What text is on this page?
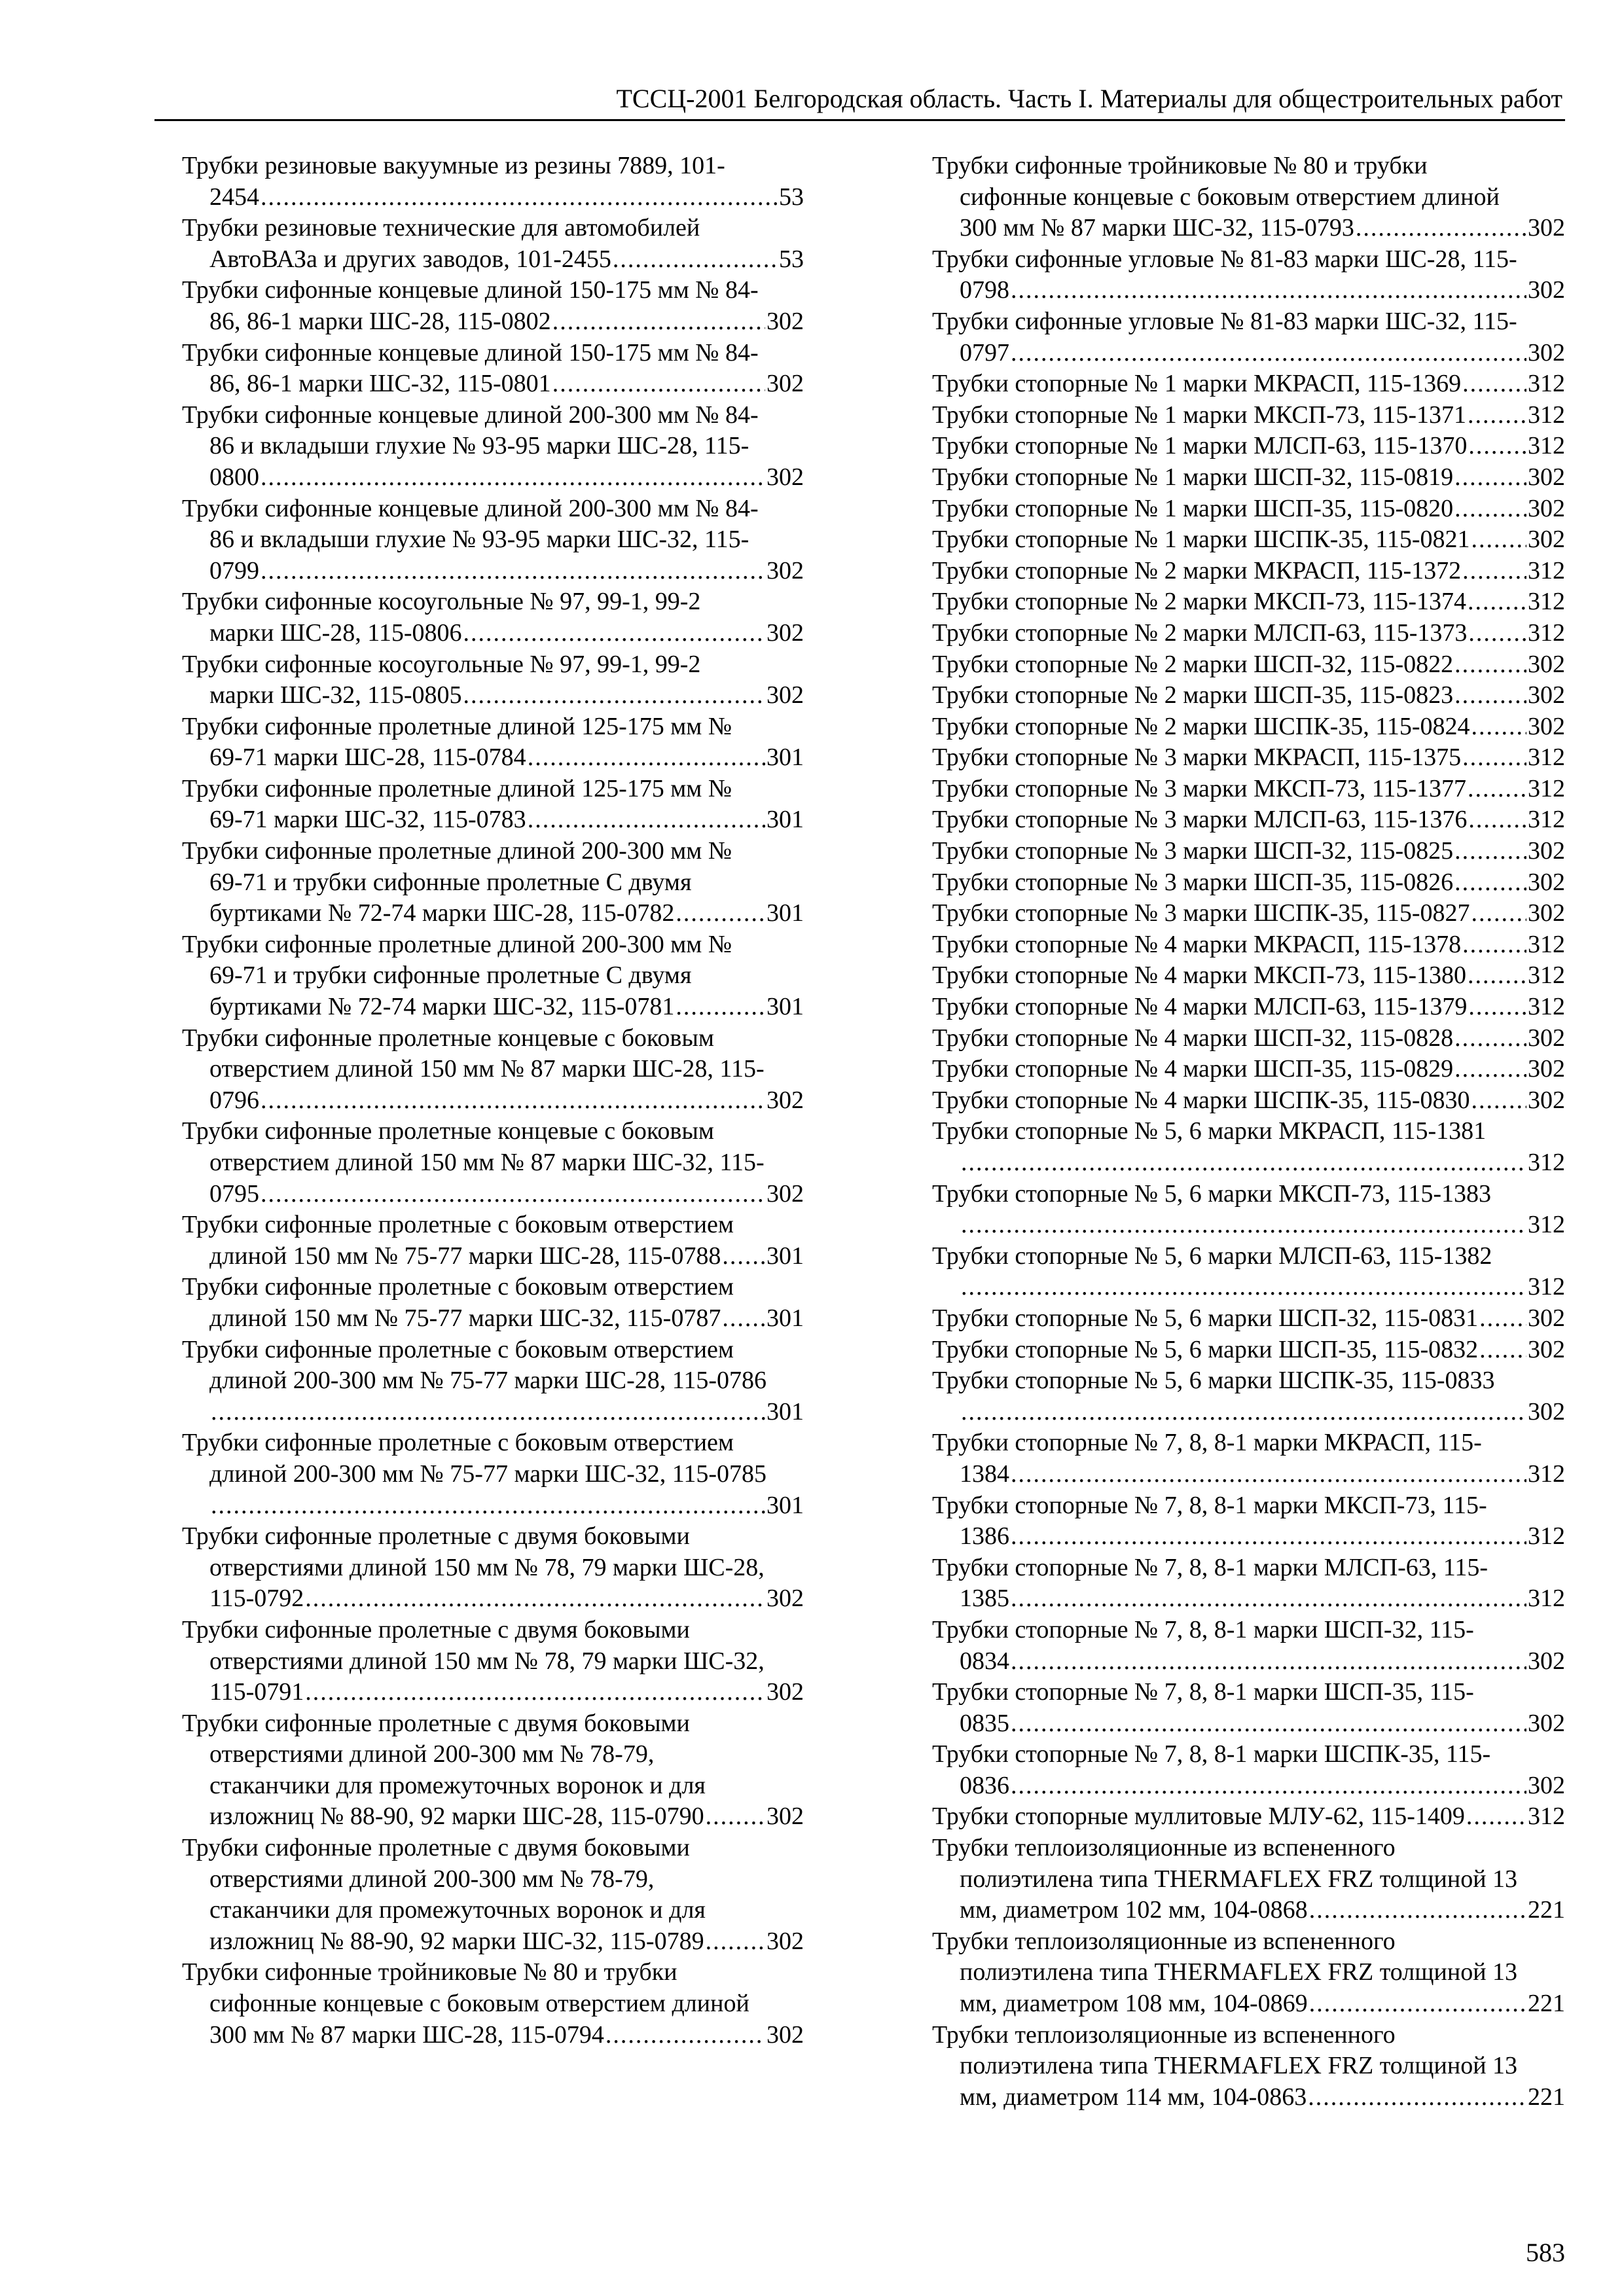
ТССЦ-2001 Белгородская область. Часть I. Материалы для общестроительных работ
Трубки резиновые вакуумные из резины 7889, 101-
2454 .....	53
Трубки резиновые технические для автомобилей
АвтоВАЗа и других заводов, 101-2455 .....	53
Трубки сифонные концевые длиной 150-175 мм № 84-
86, 86-1 марки ШС-28, 115-0802 .....	302
Трубки сифонные концевые длиной 150-175 мм № 84-
86, 86-1 марки ШС-32, 115-0801 .....	302
Трубки сифонные концевые длиной 200-300 мм № 84-
86 и вкладыши глухие № 93-95 марки ШС-28, 115-
0800 .....	302
Трубки сифонные концевые длиной 200-300 мм № 84-
86 и вкладыши глухие № 93-95 марки ШС-32, 115-
0799 .....	302
Трубки сифонные косоугольные № 97, 99-1, 99-2
марки ШС-28, 115-0806 .....	302
Трубки сифонные косоугольные № 97, 99-1, 99-2
марки ШС-32, 115-0805 .....	302
Трубки сифонные пролетные длиной 125-175 мм №
69-71 марки ШС-28, 115-0784 .....	301
Трубки сифонные пролетные длиной 125-175 мм №
69-71 марки ШС-32, 115-0783 .....	301
Трубки сифонные пролетные длиной 200-300 мм №
69-71 и трубки сифонные пролетные С двумя
буртиками № 72-74 марки ШС-28, 115-0782 .....	301
Трубки сифонные пролетные длиной 200-300 мм №
69-71 и трубки сифонные пролетные С двумя
буртиками № 72-74 марки ШС-32, 115-0781 .....	301
Трубки сифонные пролетные концевые с боковым
отверстием длиной 150 мм № 87 марки ШС-28, 115-
0796 .....	302
Трубки сифонные пролетные концевые с боковым
отверстием длиной 150 мм № 87 марки ШС-32, 115-
0795 .....	302
Трубки сифонные пролетные с боковым отверстием
длиной 150 мм № 75-77 марки ШС-28, 115-0788 ..... 301
Трубки сифонные пролетные с боковым отверстием
длиной 150 мм № 75-77 марки ШС-32, 115-0787 ..... 301
Трубки сифонные пролетные с боковым отверстием
длиной 200-300 мм № 75-77 марки ШС-28, 115-0786
.....
301
Трубки сифонные пролетные с боковым отверстием
длиной 200-300 мм № 75-77 марки ШС-32, 115-0785
.....
301
Трубки сифонные пролетные с двумя боковыми
отверстиями длиной 150 мм № 78, 79 марки ШС-28,
115-0792 .....	302
Трубки сифонные пролетные с двумя боковыми
отверстиями длиной 150 мм № 78, 79 марки ШС-32,
115-0791 .....	302
Трубки сифонные пролетные с двумя боковыми
отверстиями длиной 200-300 мм № 78-79,
стаканчики для промежуточных воронок и для
изложниц № 88-90, 92 марки ШС-28, 115-0790 .....	302
Трубки сифонные пролетные с двумя боковыми
отверстиями длиной 200-300 мм № 78-79,
стаканчики для промежуточных воронок и для
изложниц № 88-90, 92 марки ШС-32, 115-0789 .....	302
Трубки сифонные тройниковые № 80 и трубки
сифонные концевые с боковым отверстием длиной
300 мм № 87 марки ШС-28, 115-0794 .....	302
Трубки сифонные тройниковые № 80 и трубки
сифонные концевые с боковым отверстием длиной
300 мм № 87 марки ШС-32, 115-0793 .....	302
Трубки сифонные угловые № 81-83 марки ШС-28, 115-
0798 .....	302
Трубки сифонные угловые № 81-83 марки ШС-32, 115-
0797 .....	302
Трубки стопорные № 1 марки МКРАСП, 115-1369 .....	312
Трубки стопорные № 1 марки МКСП-73, 115-1371 ..... 312
Трубки стопорные № 1 марки МЛСП-63, 115-1370 ..... 312
Трубки стопорные № 1 марки ШСП-32, 115-0819 .....	302
Трубки стопорные № 1 марки ШСП-35, 115-0820 .....	302
Трубки стопорные № 1 марки ШСПК-35, 115-0821 ..... 302
Трубки стопорные № 2 марки МКРАСП, 115-1372 .....	312
Трубки стопорные № 2 марки МКСП-73, 115-1374 ..... 312
Трубки стопорные № 2 марки МЛСП-63, 115-1373 ..... 312
Трубки стопорные № 2 марки ШСП-32, 115-0822 .....	302
Трубки стопорные № 2 марки ШСП-35, 115-0823 .....	302
Трубки стопорные № 2 марки ШСПК-35, 115-0824 ..... 302
Трубки стопорные № 3 марки МКРАСП, 115-1375 .....	312
Трубки стопорные № 3 марки МКСП-73, 115-1377 ..... 312
Трубки стопорные № 3 марки МЛСП-63, 115-1376 ..... 312
Трубки стопорные № 3 марки ШСП-32, 115-0825 .....	302
Трубки стопорные № 3 марки ШСП-35, 115-0826 .....	302
Трубки стопорные № 3 марки ШСПК-35, 115-0827 ..... 302
Трубки стопорные № 4 марки МКРАСП, 115-1378 .....	312
Трубки стопорные № 4 марки МКСП-73, 115-1380 ..... 312
Трубки стопорные № 4 марки МЛСП-63, 115-1379 ..... 312
Трубки стопорные № 4 марки ШСП-32, 115-0828 .....	302
Трубки стопорные № 4 марки ШСП-35, 115-0829 .....	302
Трубки стопорные № 4 марки ШСПК-35, 115-0830 ..... 302
Трубки стопорные № 5, 6 марки МКРАСП, 115-1381
.....
312
Трубки стопорные № 5, 6 марки МКСП-73, 115-1383
.....
312
Трубки стопорные № 5, 6 марки МЛСП-63, 115-1382
.....
312
Трубки стопорные № 5, 6 марки ШСП-32, 115-0831 ..... 302
Трубки стопорные № 5, 6 марки ШСП-35, 115-0832 ..... 302
Трубки стопорные № 5, 6 марки ШСПК-35, 115-0833
.....
302
Трубки стопорные № 7, 8, 8-1 марки МКРАСП, 115-
1384 .....	312
Трубки стопорные № 7, 8, 8-1 марки МКСП-73, 115-
1386 .....	312
Трубки стопорные № 7, 8, 8-1 марки МЛСП-63, 115-
1385 .....	312
Трубки стопорные № 7, 8, 8-1 марки ШСП-32, 115-
0834 .....	302
Трубки стопорные № 7, 8, 8-1 марки ШСП-35, 115-
0835 .....	302
Трубки стопорные № 7, 8, 8-1 марки ШСПК-35, 115-
0836 .....	302
Трубки стопорные муллитовые МЛУ-62, 115-1409 .....	312
Трубки теплоизоляционные из вспененного
полиэтилена типа THERMAFLEX FRZ толщиной 13
мм, диаметром 102 мм, 104-0868 .....	221
Трубки теплоизоляционные из вспененного
полиэтилена типа THERMAFLEX FRZ толщиной 13
мм, диаметром 108 мм, 104-0869 .....	221
Трубки теплоизоляционные из вспененного
полиэтилена типа THERMAFLEX FRZ толщиной 13
мм, диаметром 114 мм, 104-0863 .....	221
583
